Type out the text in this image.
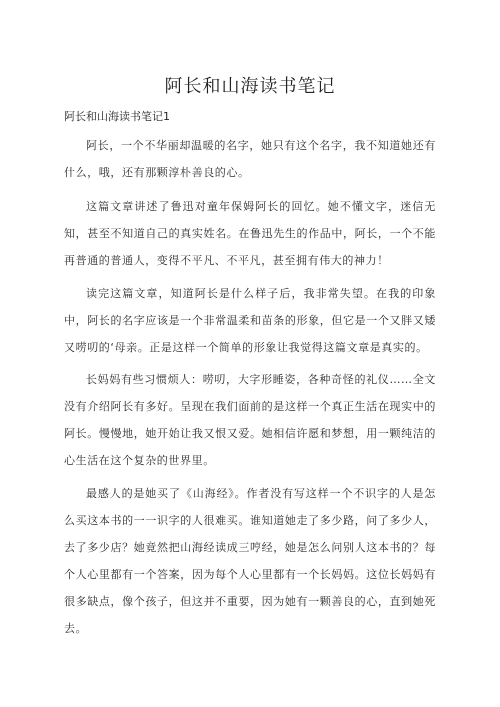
阿长和山海读书笔记
阿长和山海读书笔记1

阿长，一个不华丽却温暖的名字，她只有这个名字，我不知道她还有什么，哦，还有那颗淳朴善良的心。

这篇文章讲述了鲁迅对童年保姆阿长的回忆。她不懂文字，迷信无知，甚至不知道自己的真实姓名。在鲁迅先生的作品中，阿长，一个不能再普通的普通人，变得不平凡、不平凡，甚至拥有伟大的神力！

读完这篇文章，知道阿长是什么样子后，我非常失望。在我的印象中，阿长的名字应该是一个非常温柔和苗条的形象，但它是一个又胖又矮又唠叨的‘母亲。正是这样一个简单的形象让我觉得这篇文章是真实的。

长妈妈有些习惯烦人：唠叨，大字形睡姿，各种奇怪的礼仪……全文没有介绍阿长有多好。呈现在我们面前的是这样一个真正生活在现实中的阿长。慢慢地，她开始让我又恨又爱。她相信许愿和梦想，用一颗纯洁的心生活在这个复杂的世界里。

最感人的是她买了《山海经》。作者没有写这样一个不识字的人是怎么买这本书的一一识字的人很难买。谁知道她走了多少路，问了多少人，去了多少店？她竟然把山海经读成三哼经，她是怎么问别人这本书的？每个人心里都有一个答案，因为每个人心里都有一个长妈妈。这位长妈妈有很多缺点，像个孩子，但这并不重要，因为她有一颗善良的心，直到她死去。
